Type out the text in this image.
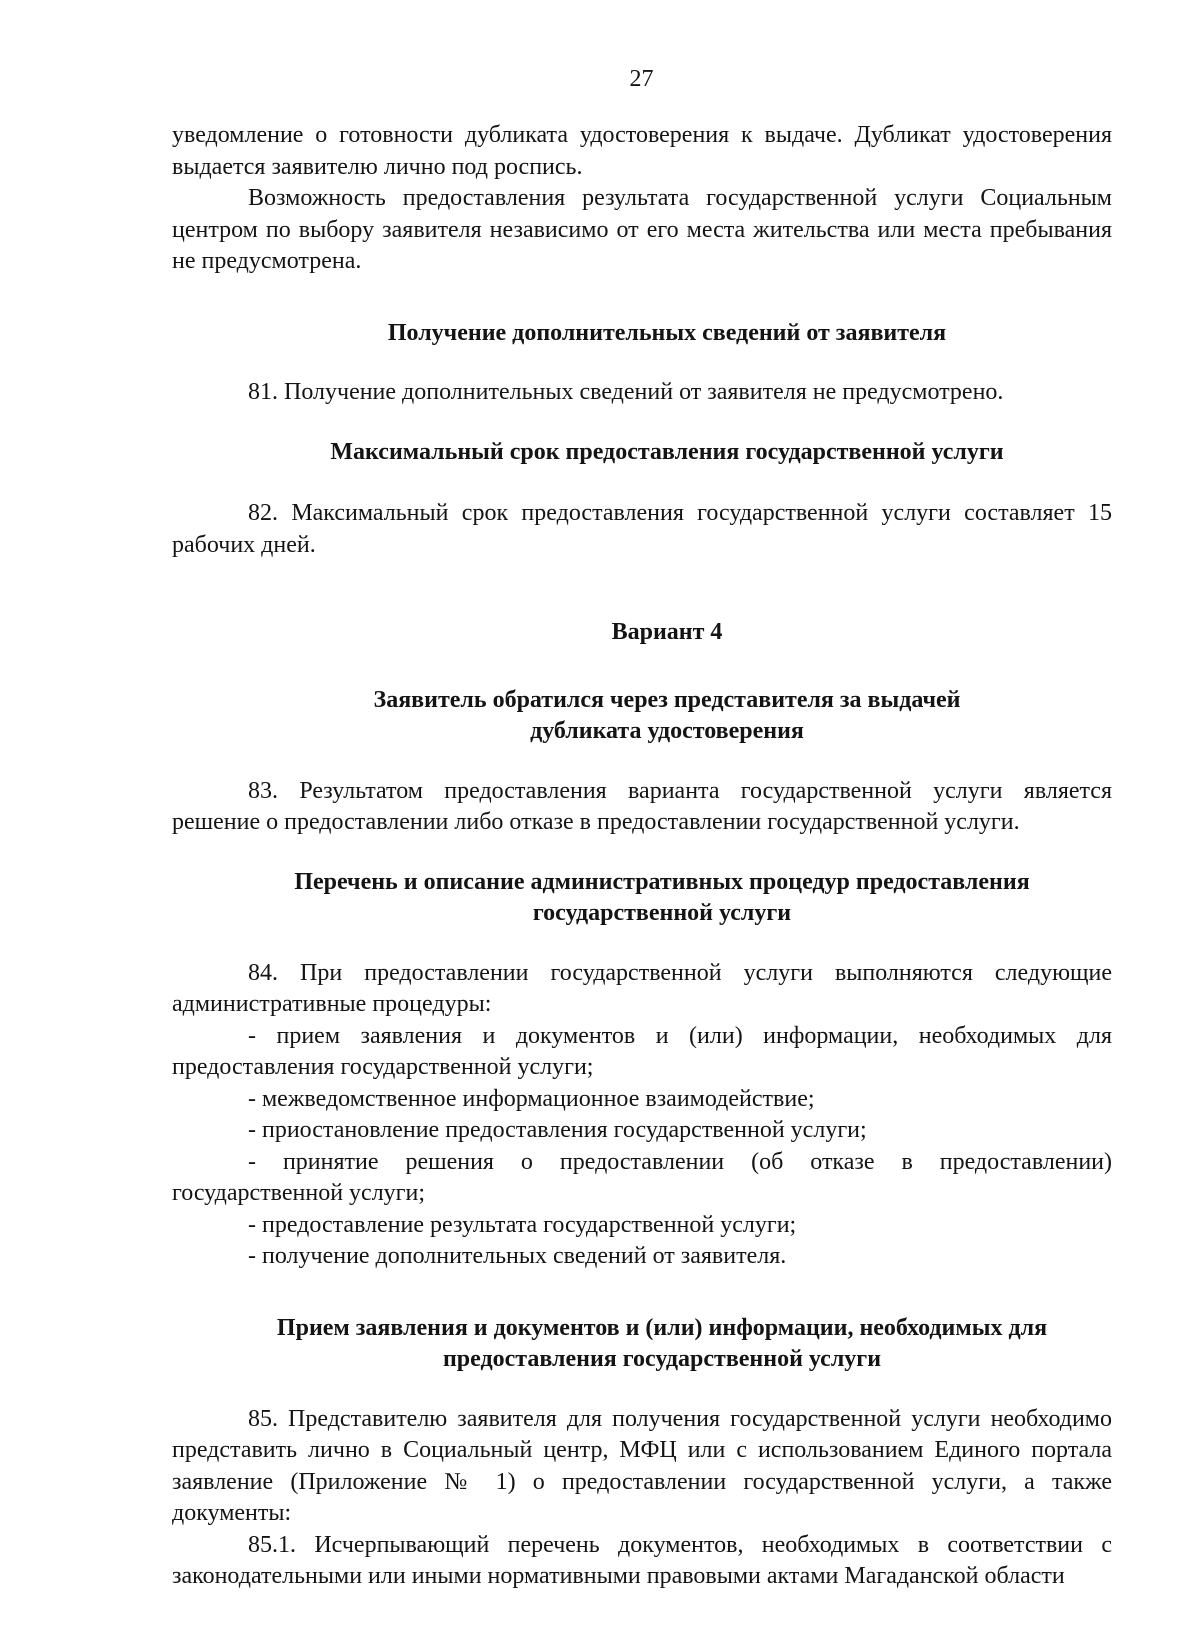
27

уведомление о готовности дубликата удостоверения к выдаче. Дубликат удостоверения выдается заявителю лично под роспись.

Возможность предоставления результата государственной услуги Социальным центром по выбору заявителя независимо от его места жительства или места пребывания не предусмотрена.

Получение дополнительных сведений от заявителя

81. Получение дополнительных сведений от заявителя не предусмотрено.

Максимальный срок предоставления государственной услуги

82. Максимальный срок предоставления государственной услуги составляет 15 рабочих дней.

Вариант 4

Заявитель обратился через представителя за выдачей
дубликата удостоверения

83. Результатом предоставления варианта государственной услуги является решение о предоставлении либо отказе в предоставлении государственной услуги.

Перечень и описание административных процедур предоставления
государственной услуги

84. При предоставлении государственной услуги выполняются следующие административные процедуры:

- прием заявления и документов и (или) информации, необходимых для предоставления государственной услуги;

- межведомственное информационное взаимодействие;

- приостановление предоставления государственной услуги;

- принятие решения о предоставлении (об отказе в предоставлении) государственной услуги;

- предоставление результата государственной услуги;

- получение дополнительных сведений от заявителя.

Прием заявления и документов и (или) информации, необходимых для
предоставления государственной услуги

85. Представителю заявителя для получения государственной услуги необходимо представить лично в Социальный центр, МФЦ или с использованием Единого портала заявление (Приложение № 1) о предоставлении государственной услуги, а также документы:

85.1. Исчерпывающий перечень документов, необходимых в соответствии с законодательными или иными нормативными правовыми актами Магаданской области
